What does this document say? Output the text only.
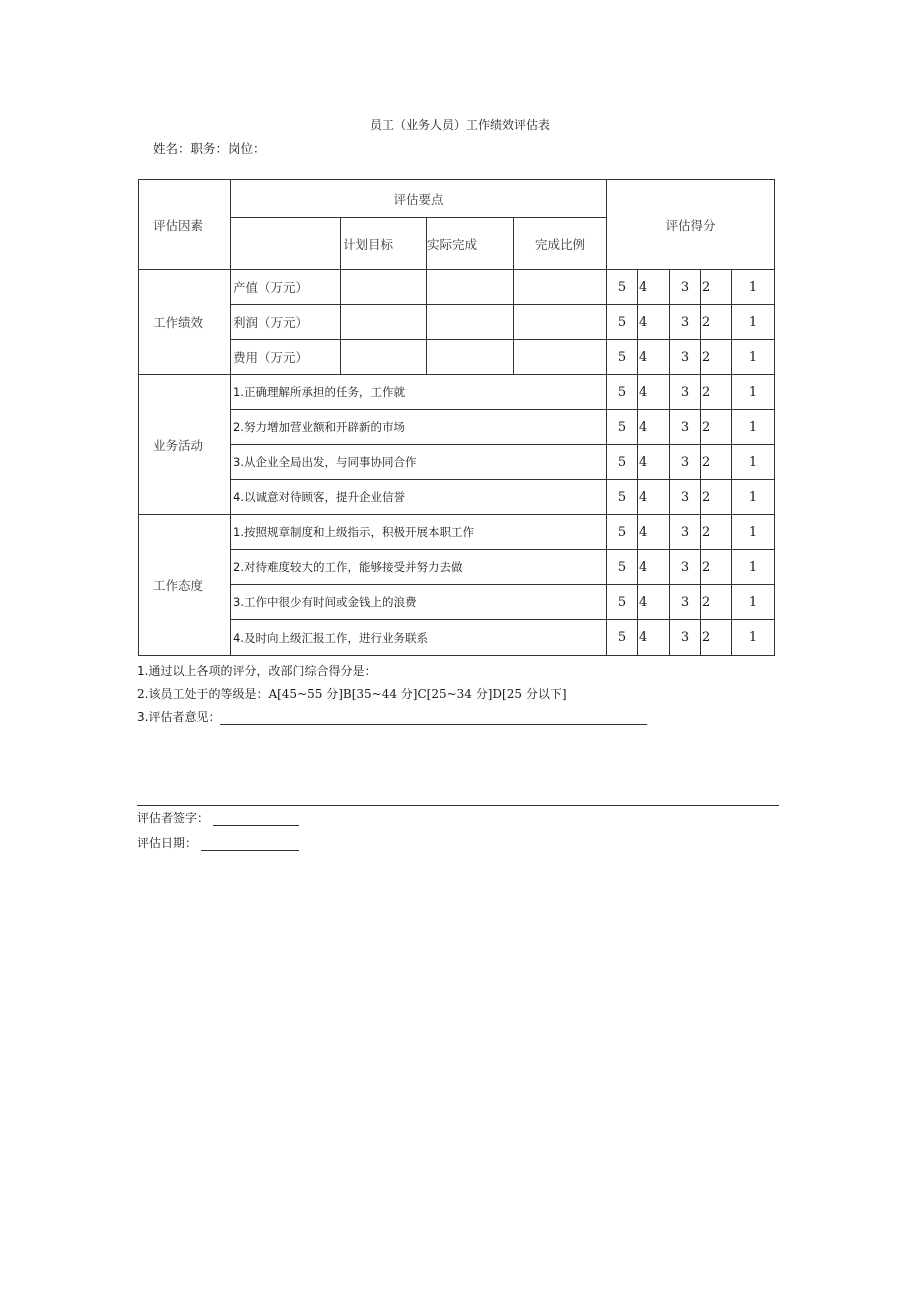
员工（业务人员）工作绩效评估表
姓名：职务：岗位：
评估因素	评估要点				评估得分				
		计划目标	实际完成	完成比例					
工作绩效	产值（万元）				5	4	3	2	1
	利润（万元）				5	4	3	2	1
	费用（万元）				5	4	3	2	1
业务活动	1.正确理解所承担的任务，工作就				5	4	3	2	1
	2.努力增加营业额和开辟新的市场				5	4	3	2	1
	3.从企业全局出发，与同事协同合作				5	4	3	2	1
	4.以诚意对待顾客，提升企业信誉				5	4	3	2	1
工作态度	1.按照规章制度和上级指示，积极开展本职工作				5	4	3	2	1
	2.对待难度较大的工作，能够接受并努力去做				5	4	3	2	1
	3.工作中很少有时间或金钱上的浪费				5	4	3	2	1
	4.及时向上级汇报工作，进行业务联系				5	4	3	2	1
1.通过以上各项的评分，改部门综合得分是：
2.该员工处于的等级是：A[45~55 分]B[35~44 分]C[25~34 分]D[25 分以下]
3.评估者意见：
评估者签字：
评估日期：
